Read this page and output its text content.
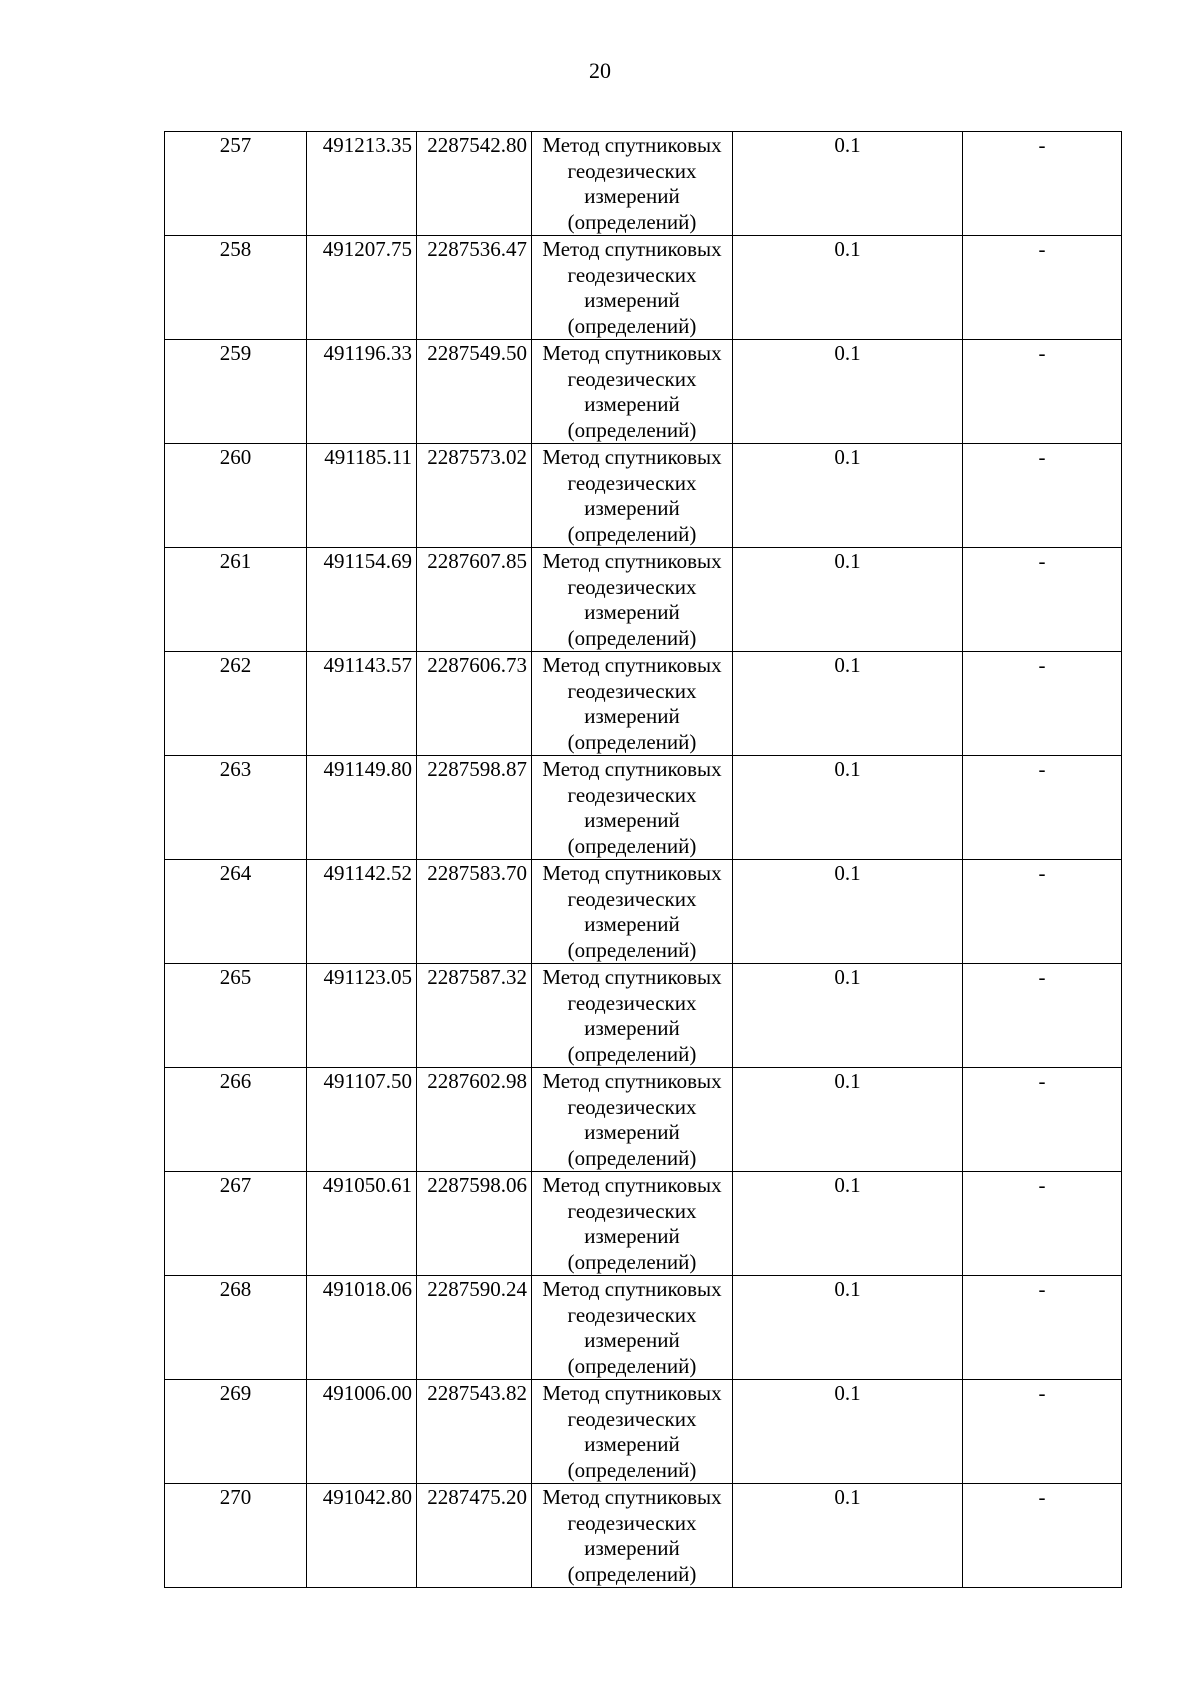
20
257	491213.35	2287542.80	Метод спутниковых геодезических измерений (определений)	0.1	-
258	491207.75	2287536.47	Метод спутниковых геодезических измерений (определений)	0.1	-
259	491196.33	2287549.50	Метод спутниковых геодезических измерений (определений)	0.1	-
260	491185.11	2287573.02	Метод спутниковых геодезических измерений (определений)	0.1	-
261	491154.69	2287607.85	Метод спутниковых геодезических измерений (определений)	0.1	-
262	491143.57	2287606.73	Метод спутниковых геодезических измерений (определений)	0.1	-
263	491149.80	2287598.87	Метод спутниковых геодезических измерений (определений)	0.1	-
264	491142.52	2287583.70	Метод спутниковых геодезических измерений (определений)	0.1	-
265	491123.05	2287587.32	Метод спутниковых геодезических измерений (определений)	0.1	-
266	491107.50	2287602.98	Метод спутниковых геодезических измерений (определений)	0.1	-
267	491050.61	2287598.06	Метод спутниковых геодезических измерений (определений)	0.1	-
268	491018.06	2287590.24	Метод спутниковых геодезических измерений (определений)	0.1	-
269	491006.00	2287543.82	Метод спутниковых геодезических измерений (определений)	0.1	-
270	491042.80	2287475.20	Метод спутниковых геодезических измерений (определений)	0.1	-
